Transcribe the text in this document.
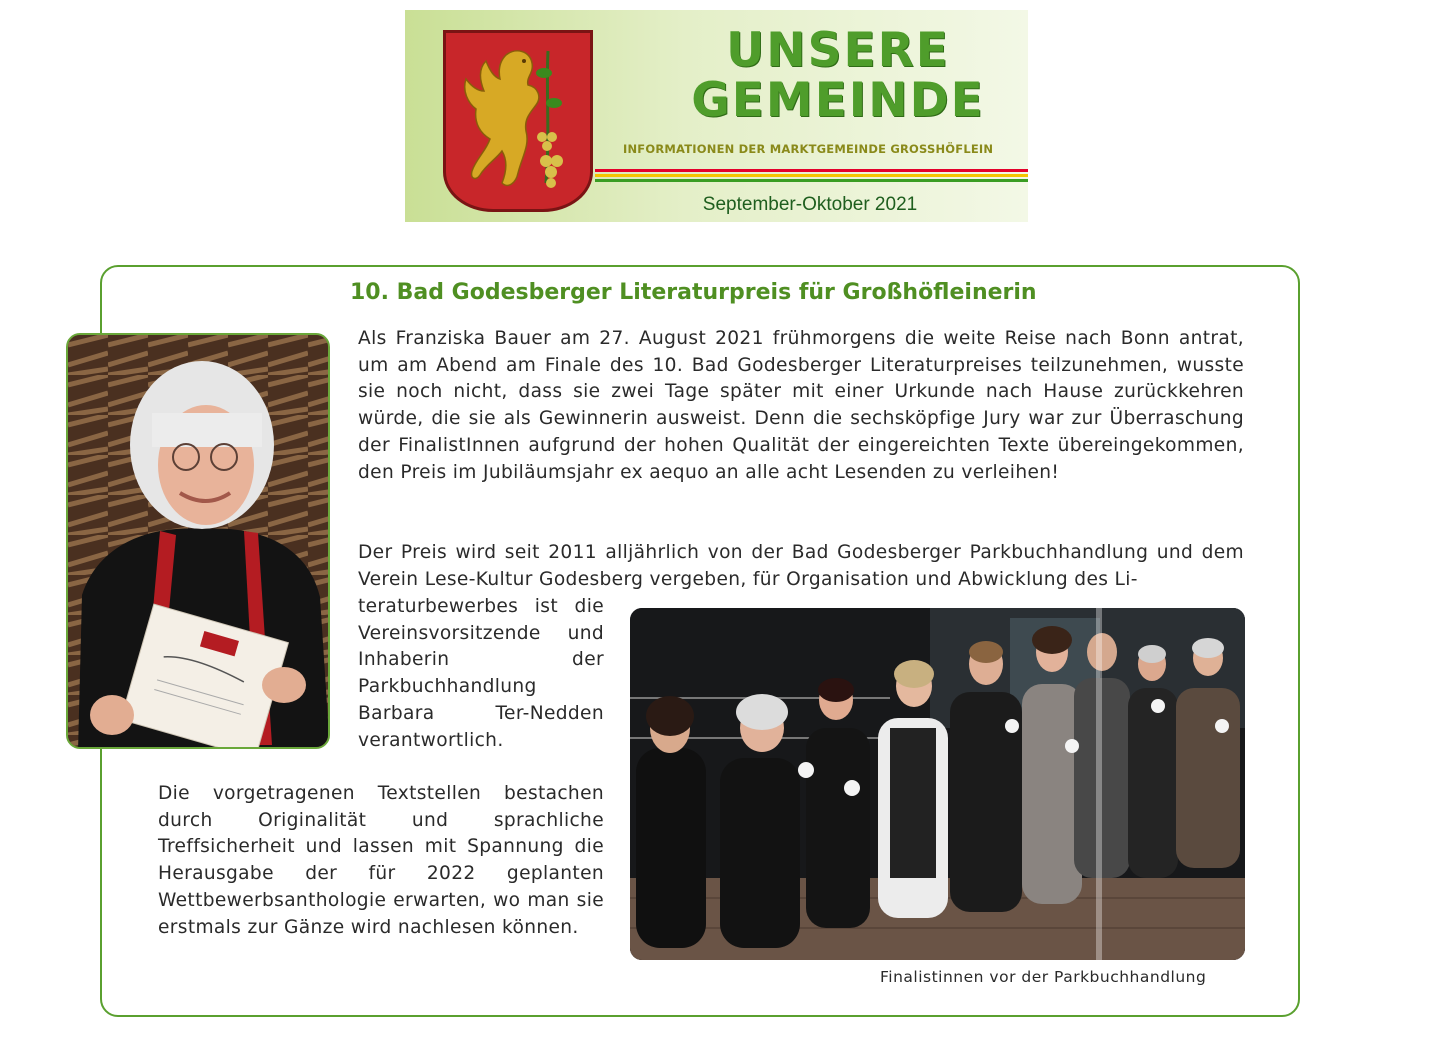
UNSERE GEMEINDE
INFORMATIONEN DER MARKTGEMEINDE GROSSHÖFLEIN
September-Oktober 2021
10. Bad Godesberger Literaturpreis für Großhöfleinerin

Als Franziska Bauer am 27. August 2021 frühmorgens die weite Reise nach Bonn antrat, um am Abend am Finale des 10. Bad Godesberger Literaturpreises teilzunehmen, wusste sie noch nicht, dass sie zwei Tage später mit einer Urkunde nach Hause zurückkehren würde, die sie als Gewinnerin ausweist. Denn die sechsköpfige Jury war zur Überraschung der FinalistInnen aufgrund der hohen Qualität der eingereichten Texte übereingekommen, den Preis im Jubiläumsjahr ex aequo an alle acht Lesenden zu verleihen!

Der Preis wird seit 2011 alljährlich von der Bad Godesberger Parkbuchhandlung und dem Verein Lese-Kultur Godesberg vergeben, für Organisation und Abwicklung des Li-

teraturbewerbes ist die Vereinsvorsitzende und Inhaberin der Parkbuchhandlung Barbara Ter-Nedden verantwortlich.

Die vorgetragenen Textstellen bestachen durch Originalität und sprachliche Treffsicherheit und lassen mit Spannung die Herausgabe der für 2022 geplanten Wettbewerbsanthologie erwarten, wo man sie erstmals zur Gänze wird nachlesen können.

Finalistinnen vor der Parkbuchhandlung
